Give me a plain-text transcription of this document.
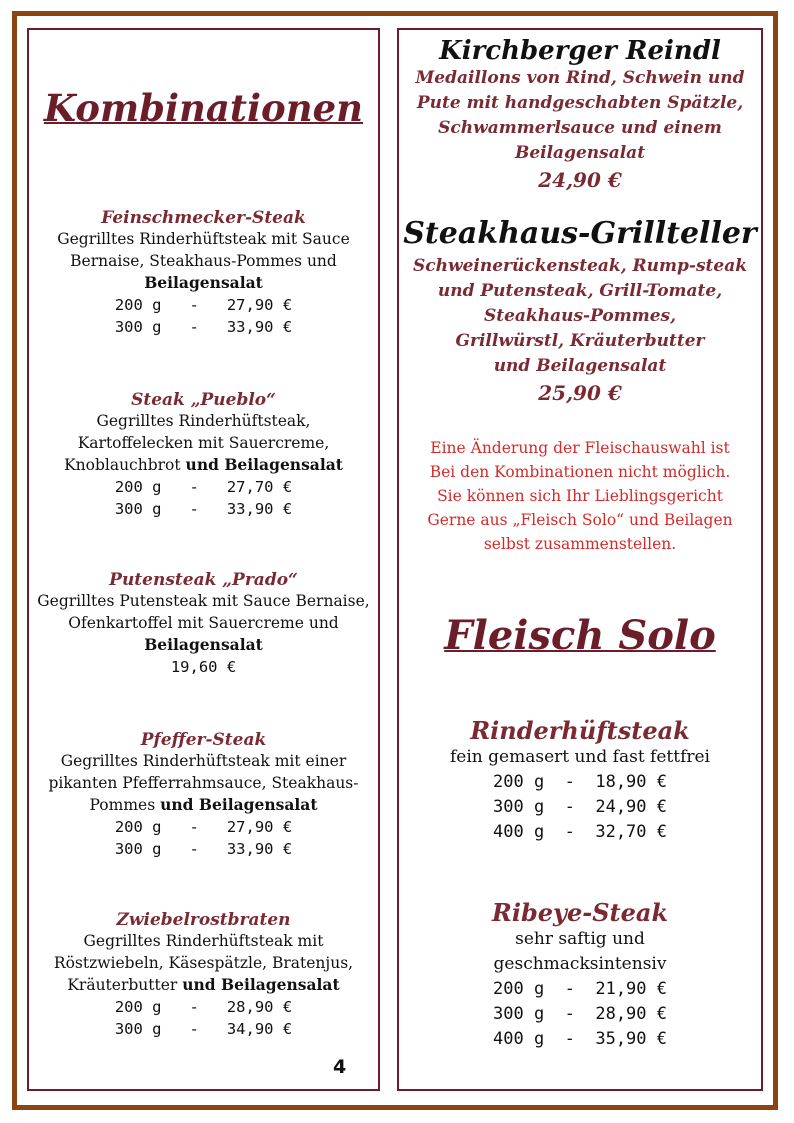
Kombinationen
Feinschmecker-Steak
Gegrilltes Rinderhüftsteak mit Sauce
Bernaise, Steakhaus-Pommes und
Beilagensalat
200 g   -   27,90 €
300 g   -   33,90 €
Steak „Pueblo“
Gegrilltes Rinderhüftsteak,
Kartoffelecken mit Sauercreme,
Knoblauchbrot und Beilagensalat
200 g   -   27,70 €
300 g   -   33,90 €
Putensteak „Prado“
Gegrilltes Putensteak mit Sauce Bernaise,
Ofenkartoffel mit Sauercreme und
Beilagensalat
19,60 €
Pfeffer-Steak
Gegrilltes Rinderhüftsteak mit einer
pikanten Pfefferrahmsauce, Steakhaus-
Pommes und Beilagensalat
200 g   -   27,90 €
300 g   -   33,90 €
Zwiebelrostbraten
Gegrilltes Rinderhüftsteak mit
Röstzwiebeln, Käsespätzle, Bratenjus,
Kräuterbutter und Beilagensalat
200 g   -   28,90 €
300 g   -   34,90 €
4
Kirchberger Reindl
Medaillons von Rind, Schwein und
Pute mit handgeschabten Spätzle,
Schwammerlsauce und einem
Beilagensalat
24,90 €
Steakhaus-Grillteller
Schweinerückensteak, Rump-steak
und Putensteak, Grill-Tomate,
Steakhaus-Pommes,
Grillwürstl, Kräuterbutter
und Beilagensalat
25,90 €
Eine Änderung der Fleischauswahl ist
Bei den Kombinationen nicht möglich.
Sie können sich Ihr Lieblingsgericht
Gerne aus „Fleisch Solo“ und Beilagen
selbst zusammenstellen.
Fleisch Solo
Rinderhüftsteak
fein gemasert und fast fettfrei
200 g  -  18,90 €
300 g  -  24,90 €
400 g  -  32,70 €
Ribeye-Steak
sehr saftig und
geschmacksintensiv
200 g  -  21,90 €
300 g  -  28,90 €
400 g  -  35,90 €
